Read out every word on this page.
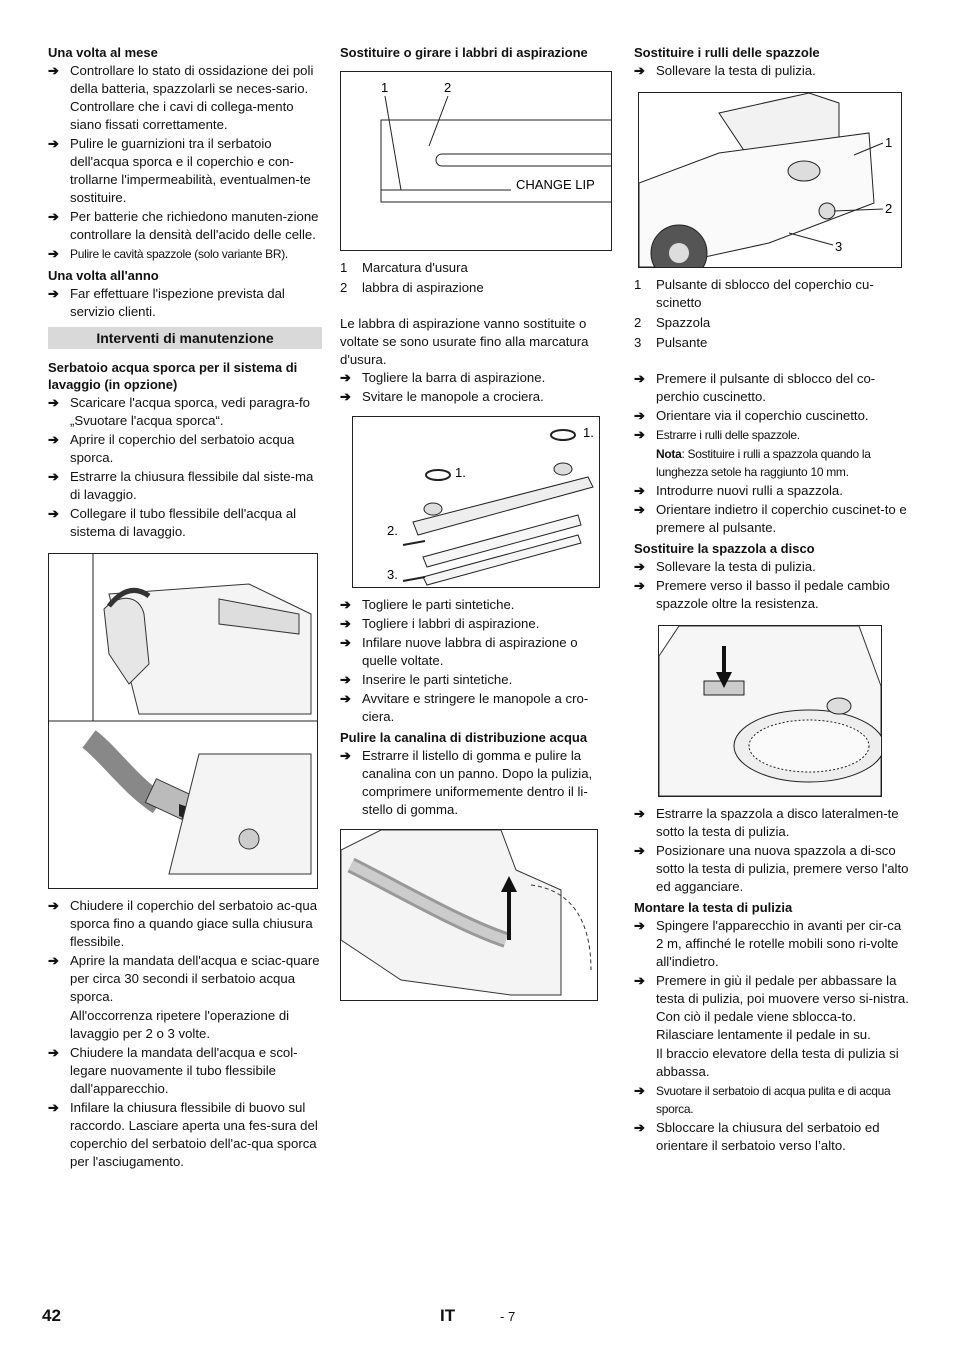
Una volta al mese
➔ Controllare lo stato di ossidazione dei poli della batteria, spazzolarli se neces-sario. Controllare che i cavi di collega-mento siano fissati correttamente.
➔ Pulire le guarnizioni tra il serbatoio dell'acqua sporca e il coperchio e con-trollarne l'impermeabilità, eventualmen-te sostituire.
➔ Per batterie che richiedono manuten-zione controllare la densità dell'acido delle celle.
➔ Pulire le cavità spazzole (solo variante BR).
Una volta all'anno
➔ Far effettuare l'ispezione prevista dal servizio clienti.
Interventi di manutenzione
Serbatoio acqua sporca per il sistema di lavaggio (in opzione)
➔ Scaricare l'acqua sporca, vedi paragra-fo „Svuotare l'acqua sporca“.
➔ Aprire il coperchio del serbatoio acqua sporca.
➔ Estrarre la chiusura flessibile dal siste-ma di lavaggio.
➔ Collegare il tubo flessibile dell'acqua al sistema di lavaggio.
➔ Chiudere il coperchio del serbatoio ac-qua sporca fino a quando giace sulla chiusura flessibile.
➔ Aprire la mandata dell'acqua e sciac-quare per circa 30 secondi il serbatoio acqua sporca.
All'occorrenza ripetere l'operazione di lavaggio per 2 o 3 volte.
➔ Chiudere la mandata dell'acqua e scol-legare nuovamente il tubo flessibile dall'apparecchio.
➔ Infilare la chiusura flessibile di buovo sul raccordo. Lasciare aperta una fes-sura del coperchio del serbatoio dell'ac-qua sporca per l'asciugamento.
Sostituire o girare i labbri di aspirazione
1	2
CHANGE LIP
1 Marcatura d'usura
2 labbra di aspirazione
Le labbra di aspirazione vanno sostituite o voltate se sono usurate fino alla marcatura d'usura.
➔ Togliere la barra di aspirazione.
➔ Svitare le manopole a crociera.
1.
1.
2.
3.
➔ Togliere le parti sintetiche.
➔ Togliere i labbri di aspirazione.
➔ Infilare nuove labbra di aspirazione o quelle voltate.
➔ Inserire le parti sintetiche.
➔ Avvitare e stringere le manopole a cro-ciera.
Pulire la canalina di distribuzione acqua
➔ Estrarre il listello di gomma e pulire la canalina con un panno. Dopo la pulizia, comprimere uniformemente dentro il li-stello di gomma.
Sostituire i rulli delle spazzole
➔ Sollevare la testa di pulizia.
1
2
3
1 Pulsante di sblocco del coperchio cu-scinetto
2 Spazzola
3 Pulsante
➔ Premere il pulsante di sblocco del co-perchio cuscinetto.
➔ Orientare via il coperchio cuscinetto.
➔ Estrarre i rulli delle spazzole.
Nota: Sostituire i rulli a spazzola quando la lunghezza setole ha raggiunto 10 mm.
➔ Introdurre nuovi rulli a spazzola.
➔ Orientare indietro il coperchio cuscinet-to e premere al pulsante.
Sostituire la spazzola a disco
➔ Sollevare la testa di pulizia.
➔ Premere verso il basso il pedale cambio spazzole oltre la resistenza.
➔ Estrarre la spazzola a disco lateralmen-te sotto la testa di pulizia.
➔ Posizionare una nuova spazzola a di-sco sotto la testa di pulizia, premere verso l'alto ed agganciare.
Montare la testa di pulizia
➔ Spingere l'apparecchio in avanti per cir-ca 2 m, affinché le rotelle mobili sono ri-volte all'indietro.
➔ Premere in giù il pedale per abbassare la testa di pulizia, poi muovere verso si-nistra. Con ciò il pedale viene sblocca-to. Rilasciare lentamente il pedale in su.
Il braccio elevatore della testa di pulizia si abbassa.
➔ Svuotare il serbatoio di acqua pulita e di acqua sporca.
➔ Sbloccare la chiusura del serbatoio ed orientare il serbatoio verso l’alto.
42	IT	- 7
